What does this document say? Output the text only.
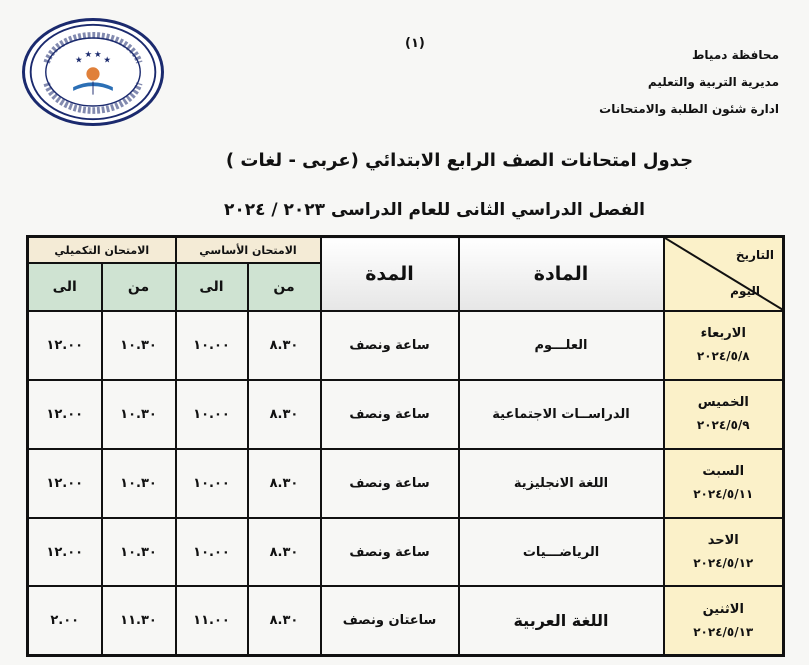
(١)
★
★ ★
★	محافظة دمياط
مديرية التربية والتعليم
ادارة شئون الطلبة والامتحانات
جدول امتحانات الصف الرابع الابتدائي (عربى - لغات )
الفصل الدراسي الثانى للعام الدراسى ٢٠٢٣ / ٢٠٢٤
التاريخ
اليوم	المادة	المدة	الامتحان الأساسي		الامتحان التكميلي	
			من	الى	من	الى

الاربعاء
٢٠٢٤/٥/٨	العلـــوم	ساعة ونصف	٨.٣٠	١٠.٠٠	١٠.٣٠	١٢.٠٠

الخميس
٢٠٢٤/٥/٩	الدراســات الاجتماعية	ساعة ونصف	٨.٣٠	١٠.٠٠	١٠.٣٠	١٢.٠٠

السبت
٢٠٢٤/٥/١١	اللغة الانجليزية	ساعة ونصف	٨.٣٠	١٠.٠٠	١٠.٣٠	١٢.٠٠

الاحد
٢٠٢٤/٥/١٢	الرياضـــيات	ساعة ونصف	٨.٣٠	١٠.٠٠	١٠.٣٠	١٢.٠٠

الاثنين
٢٠٢٤/٥/١٣	اللغة العربية	ساعتان ونصف	٨.٣٠	١١.٠٠	١١.٣٠	٢.٠٠
